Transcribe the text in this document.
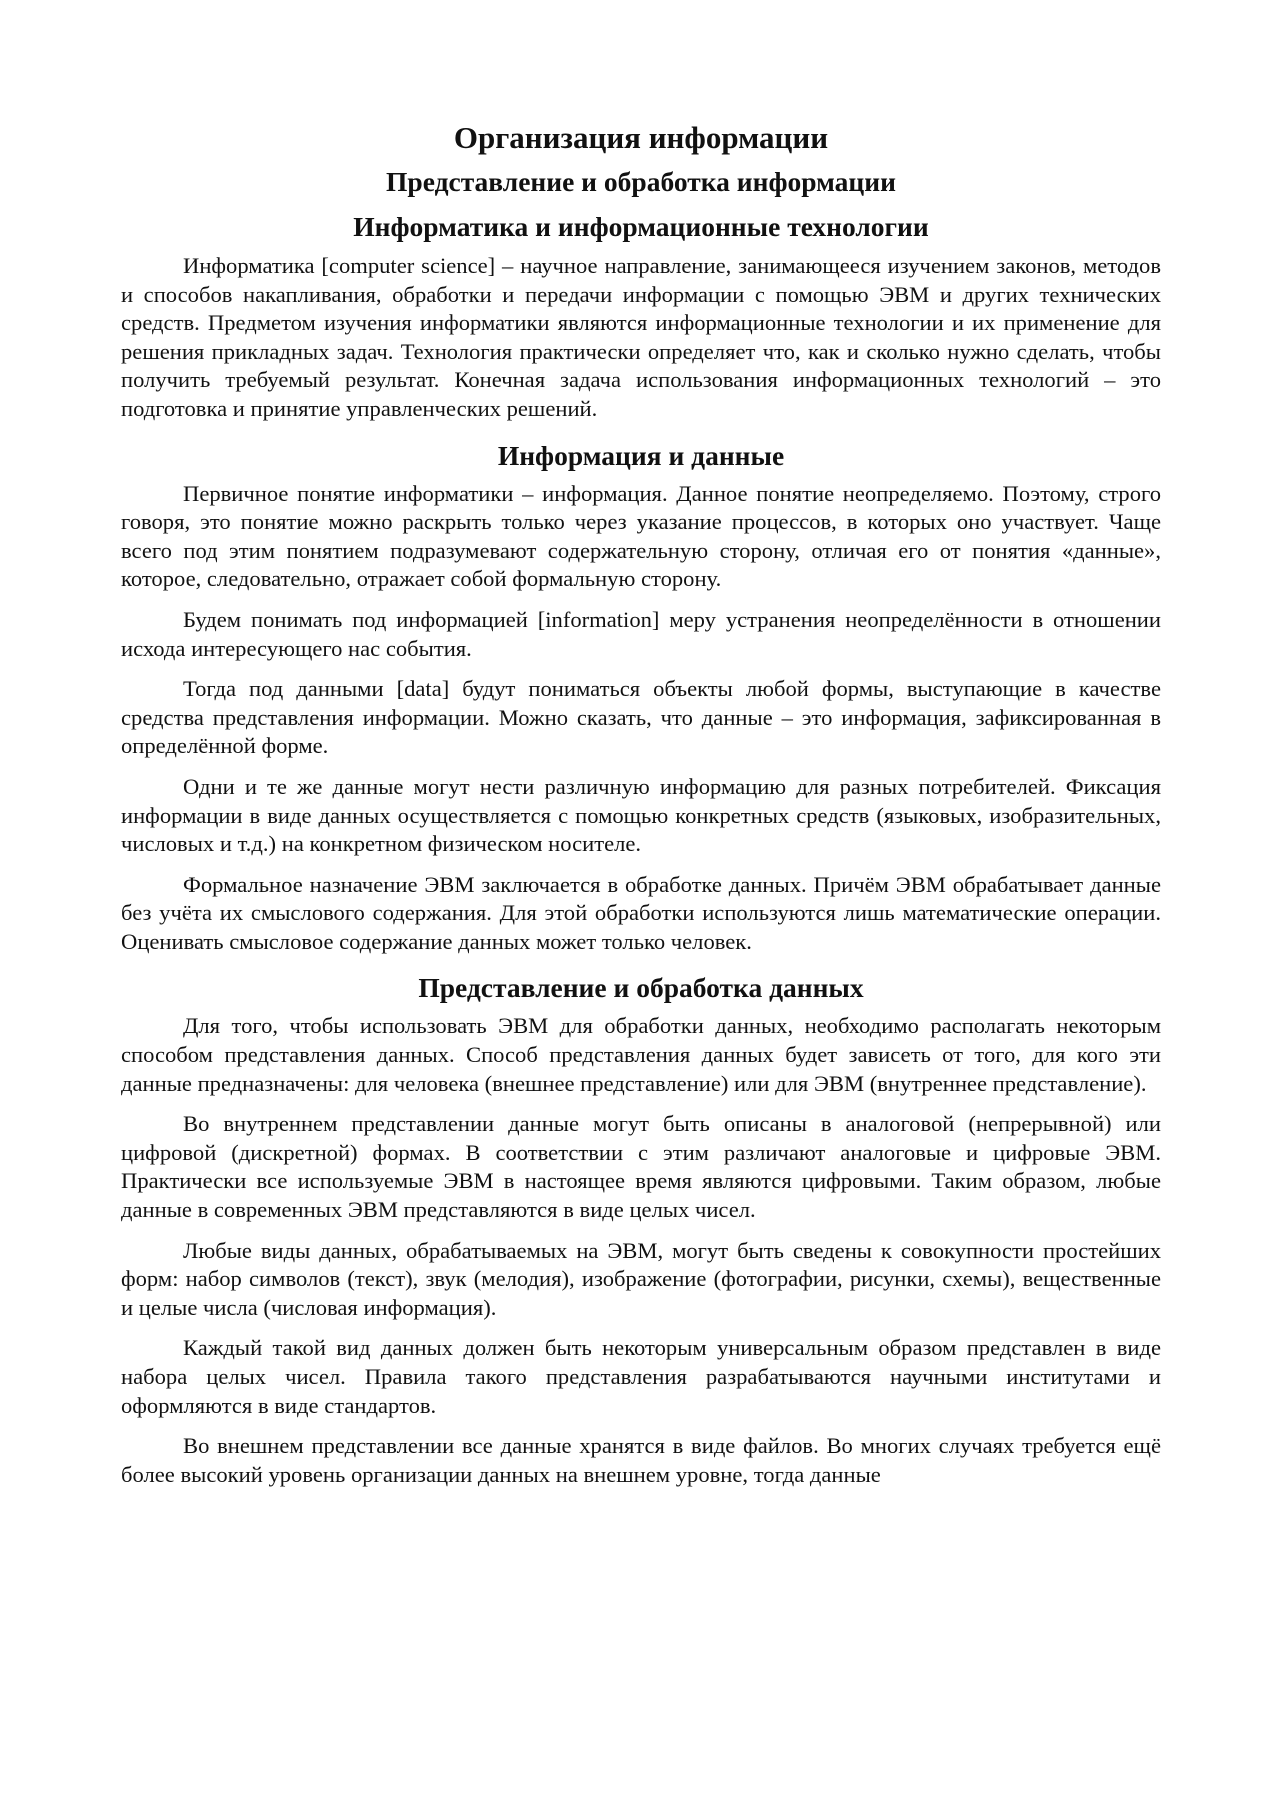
Организация информации
Представление и обработка информации
Информатика и информационные технологии

Информатика [computer science] – научное направление, занимающееся изучением законов, методов и способов накапливания, обработки и передачи информации с помощью ЭВМ и других технических средств. Предметом изучения информатики являются информационные технологии и их применение для решения прикладных задач. Технология практически определяет что, как и сколько нужно сделать, чтобы получить требуемый результат. Конечная задача использования информационных технологий – это подготовка и принятие управленческих решений.

Информация и данные

Первичное понятие информатики – информация. Данное понятие неопределяемо. Поэтому, строго говоря, это понятие можно раскрыть только через указание процессов, в которых оно участвует. Чаще всего под этим понятием подразумевают содержательную сторону, отличая его от понятия «данные», которое, следовательно, отражает собой формальную сторону.

Будем понимать под информацией [information] меру устранения неопределённости в отношении исхода интересующего нас события.

Тогда под данными [data] будут пониматься объекты любой формы, выступающие в качестве средства представления информации. Можно сказать, что данные – это информация, зафиксированная в определённой форме.

Одни и те же данные могут нести различную информацию для разных потребителей. Фиксация информации в виде данных осуществляется с помощью конкретных средств (языковых, изобразительных, числовых и т.д.) на конкретном физическом носителе.

Формальное назначение ЭВМ заключается в обработке данных. Причём ЭВМ обрабатывает данные без учёта их смыслового содержания. Для этой обработки используются лишь математические операции. Оценивать смысловое содержание данных может только человек.

Представление и обработка данных

Для того, чтобы использовать ЭВМ для обработки данных, необходимо располагать некоторым способом представления данных. Способ представления данных будет зависеть от того, для кого эти данные предназначены: для человека (внешнее представление) или для ЭВМ (внутреннее представление).

Во внутреннем представлении данные могут быть описаны в аналоговой (непрерывной) или цифровой (дискретной) формах. В соответствии с этим различают аналоговые и цифровые ЭВМ. Практически все используемые ЭВМ в настоящее время являются цифровыми. Таким образом, любые данные в современных ЭВМ представляются в виде целых чисел.

Любые виды данных, обрабатываемых на ЭВМ, могут быть сведены к совокупности простейших форм: набор символов (текст), звук (мелодия), изображение (фотографии, рисунки, схемы), вещественные и целые числа (числовая информация).

Каждый такой вид данных должен быть некоторым универсальным образом представлен в виде набора целых чисел. Правила такого представления разрабатываются научными институтами и оформляются в виде стандартов.

Во внешнем представлении все данные хранятся в виде файлов. Во многих случаях требуется ещё более высокий уровень организации данных на внешнем уровне, тогда данные
